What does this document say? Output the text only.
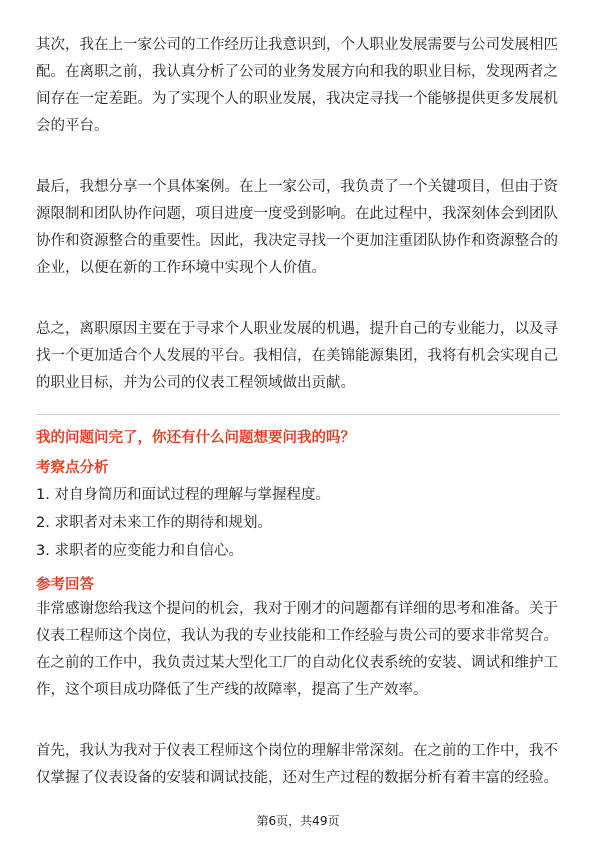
其次，我在上一家公司的工作经历让我意识到，个人职业发展需要与公司发展相匹
配。在离职之前，我认真分析了公司的业务发展方向和我的职业目标，发现两者之
间存在一定差距。为了实现个人的职业发展，我决定寻找一个能够提供更多发展机
会的平台。
最后，我想分享一个具体案例。在上一家公司，我负责了一个关键项目，但由于资
源限制和团队协作问题，项目进度一度受到影响。在此过程中，我深刻体会到团队
协作和资源整合的重要性。因此，我决定寻找一个更加注重团队协作和资源整合的
企业，以便在新的工作环境中实现个人价值。
总之，离职原因主要在于寻求个人职业发展的机遇，提升自己的专业能力，以及寻
找一个更加适合个人发展的平台。我相信，在美锦能源集团，我将有机会实现自己
的职业目标，并为公司的仪表工程领域做出贡献。
我的问题问完了，你还有什么问题想要问我的吗？
考察点分析
1. 对自身简历和面试过程的理解与掌握程度。
2. 求职者对未来工作的期待和规划。
3. 求职者的应变能力和自信心。
参考回答
非常感谢您给我这个提问的机会，我对于刚才的问题都有详细的思考和准备。关于
仪表工程师这个岗位，我认为我的专业技能和工作经验与贵公司的要求非常契合。
在之前的工作中，我负责过某大型化工厂的自动化仪表系统的安装、调试和维护工
作，这个项目成功降低了生产线的故障率，提高了生产效率。
首先，我认为我对于仪表工程师这个岗位的理解非常深刻。在之前的工作中，我不
仅掌握了仪表设备的安装和调试技能，还对生产过程的数据分析有着丰富的经验。
第6页，共49页
